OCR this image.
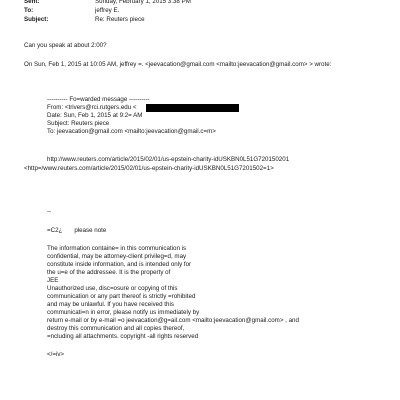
Sent:	Sunday, February 1, 2015 3:38 PM
To:	jeffrey E.
Subject:	Re: Reuters piece
Can you speak at about 2:00?
On Sun, Feb 1, 2015 at 10:05 AM, jeffrey =. <jeevacation@gmail.com <mailto:jeevacation@gmail.com> > wrote:
---------- Fo=warded message ----------
From: <trivers@rci.rutgers.edu <
Date: Sun, Feb 1, 2015 at 9:2= AM
Subject: Reuters piece
To: jeevacation@gmail.com <mailto:jeevacation@gmail.c=m>
http://www.reuters.com/article/2015/02/01/us-epstein-charity-idUSKBN0L51G720150201
<http=/www.reuters.com/article/2015/02/01/us-epstein-charity-idUSKBN0L51G7201502=1>
--
=C2¿ please note
The information containe= in this communication is
confidential, may be attorney-client privileg=d, may
constitute inside information, and is intended only for
the u=e of the addressee. It is the property of
JEE
Unauthorized use, disc=osure or copying of this
communication or any part thereof is strictly =rohibited
and may be unlawful. If you have received this
communicati=n in error, please notify us immediately by
return e-mail or by e-mail =o jeevacation@g=ail.com <mailto:jeevacation@gmail.com> , and
destroy this communication and all copies thereof,
=ncluding all attachments. copyright -all rights reserved
</=iv>
